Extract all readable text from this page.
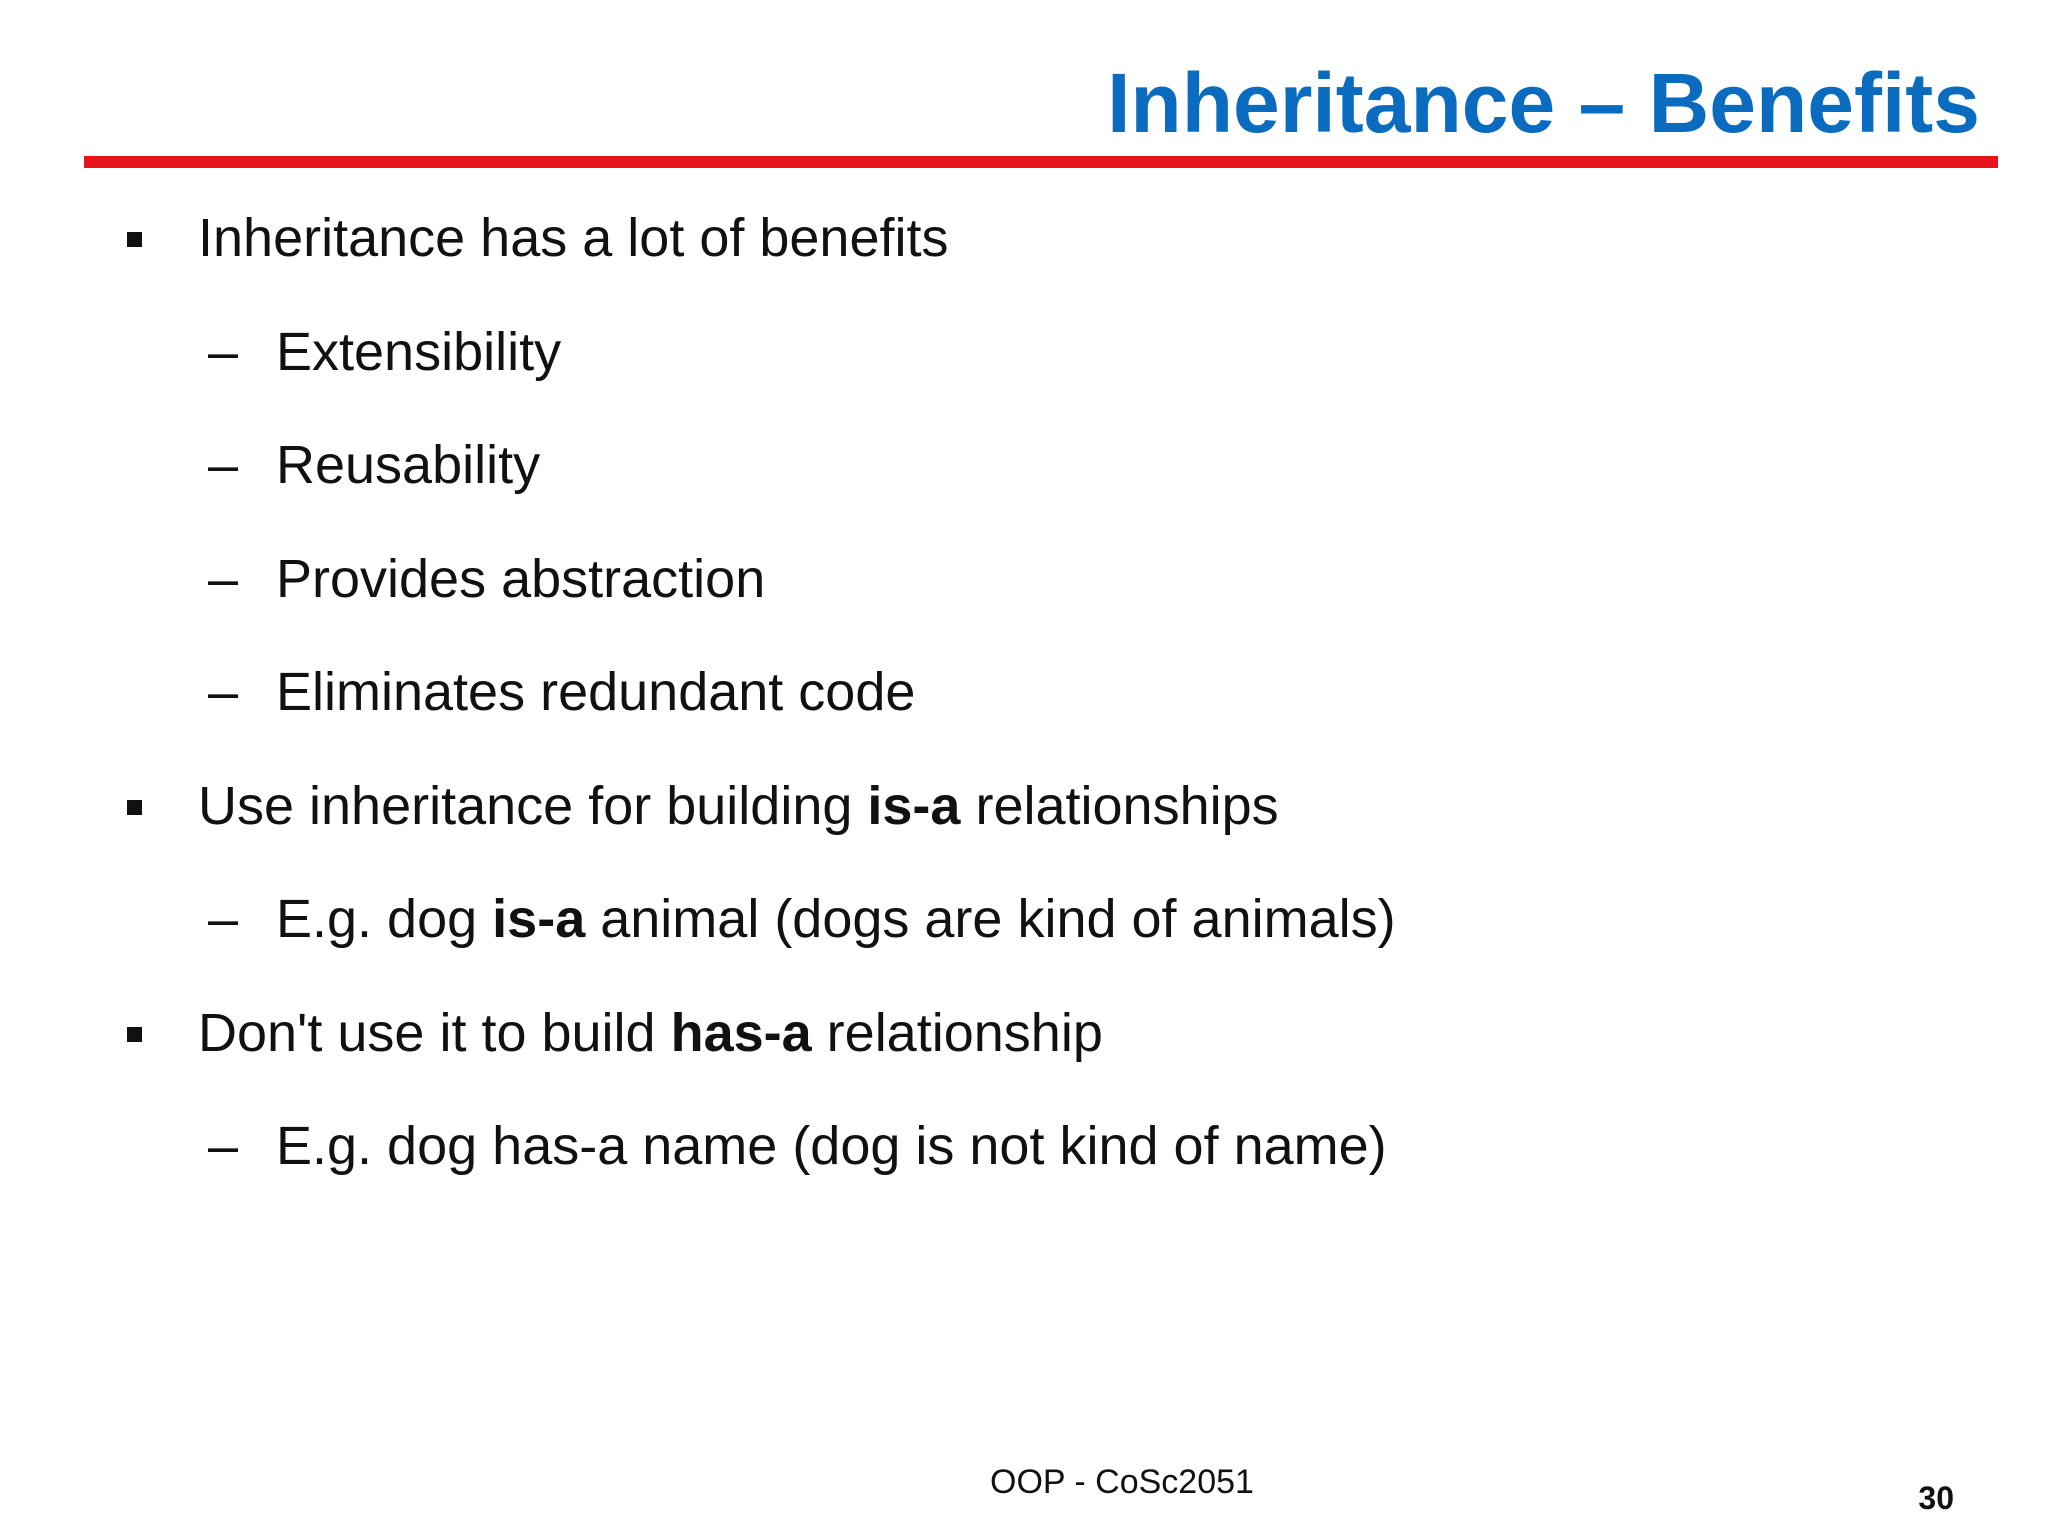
Inheritance – Benefits
Inheritance has a lot of benefits
– Extensibility
– Reusability
– Provides abstraction
– Eliminates redundant code
Use inheritance for building is-a relationships
– E.g. dog is-a animal (dogs are kind of animals)
Don't use it to build has-a relationship
– E.g. dog has-a name (dog is not kind of name)
OOP - CoSc2051	30
